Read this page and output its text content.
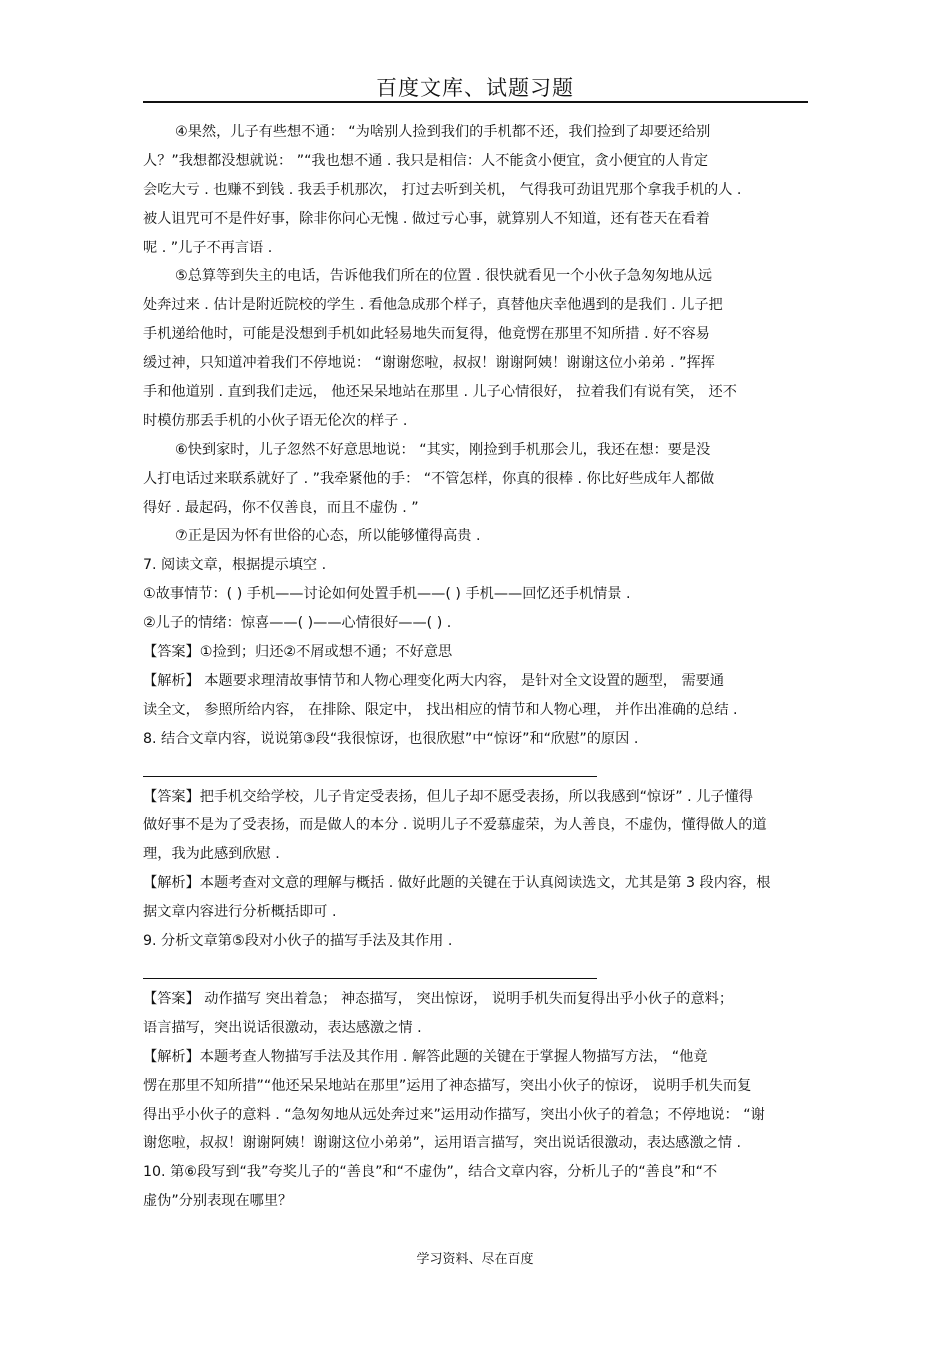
百度文库、试题习题
④果然，儿子有些想不通： “为啥别人捡到我们的手机都不还，我们捡到了却要还给别
人？”我想都没想就说： ”“我也想不通 . 我只是相信：人不能贪小便宜，贪小便宜的人肯定
会吃大亏 . 也赚不到钱 . 我丢手机那次， 打过去听到关机， 气得我可劲诅咒那个拿我手机的人 .
被人诅咒可不是件好事，除非你问心无愧 . 做过亏心事，就算别人不知道，还有苍天在看着
呢 . ”儿子不再言语 .
⑤总算等到失主的电话，告诉他我们所在的位置 . 很快就看见一个小伙子急匆匆地从远
处奔过来 . 估计是附近院校的学生 . 看他急成那个样子，真替他庆幸他遇到的是我们 . 儿子把
手机递给他时，可能是没想到手机如此轻易地失而复得，他竟愣在那里不知所措 . 好不容易
缓过神，只知道冲着我们不停地说： “谢谢您啦，叔叔！谢谢阿姨！谢谢这位小弟弟 . ”挥挥
手和他道别 . 直到我们走远， 他还呆呆地站在那里 . 儿子心情很好， 拉着我们有说有笑， 还不
时模仿那丢手机的小伙子语无伦次的样子 .
⑥快到家时，儿子忽然不好意思地说： “其实，刚捡到手机那会儿，我还在想：要是没
人打电话过来联系就好了 . ”我牵紧他的手： “不管怎样，你真的很棒 . 你比好些成年人都做
得好 . 最起码，你不仅善良，而且不虚伪 . ”
⑦正是因为怀有世俗的心态，所以能够懂得高贵 .
7. 阅读文章，根据提示填空 .
①故事情节：( ) 手机——讨论如何处置手机——( ) 手机——回忆还手机情景 .
②儿子的情绪：惊喜——( )——心情很好——( ) .
【答案】①捡到；归还②不屑或想不通；不好意思
【解析】 本题要求理清故事情节和人物心理变化两大内容， 是针对全文设置的题型， 需要通
读全文， 参照所给内容， 在排除、限定中， 找出相应的情节和人物心理， 并作出准确的总结 .
8. 结合文章内容，说说第③段“我很惊讶，也很欣慰”中“惊讶”和“欣慰”的原因 .
【答案】把手机交给学校，儿子肯定受表扬，但儿子却不愿受表扬，所以我感到“惊讶” . 儿子懂得
做好事不是为了受表扬，而是做人的本分 . 说明儿子不爱慕虚荣，为人善良，不虚伪，懂得做人的道
理，我为此感到欣慰 .
【解析】本题考查对文意的理解与概括 . 做好此题的关键在于认真阅读选文，尤其是第 3 段内容，根
据文章内容进行分析概括即可 .
9. 分析文章第⑤段对小伙子的描写手法及其作用 .
【答案】 动作描写 突出着急； 神态描写， 突出惊讶， 说明手机失而复得出乎小伙子的意料；
语言描写，突出说话很激动，表达感激之情 .
【解析】本题考查人物描写手法及其作用 . 解答此题的关键在于掌握人物描写方法， “他竟
愣在那里不知所措”“他还呆呆地站在那里”运用了神态描写，突出小伙子的惊讶， 说明手机失而复
得出乎小伙子的意料 . “急匆匆地从远处奔过来”运用动作描写，突出小伙子的着急；不停地说： “谢
谢您啦，叔叔！谢谢阿姨！谢谢这位小弟弟”，运用语言描写，突出说话很激动，表达感激之情 .
10. 第⑥段写到“我”夸奖儿子的“善良”和“不虚伪”，结合文章内容，分析儿子的“善良”和“不
虚伪”分别表现在哪里？
学习资料、尽在百度
